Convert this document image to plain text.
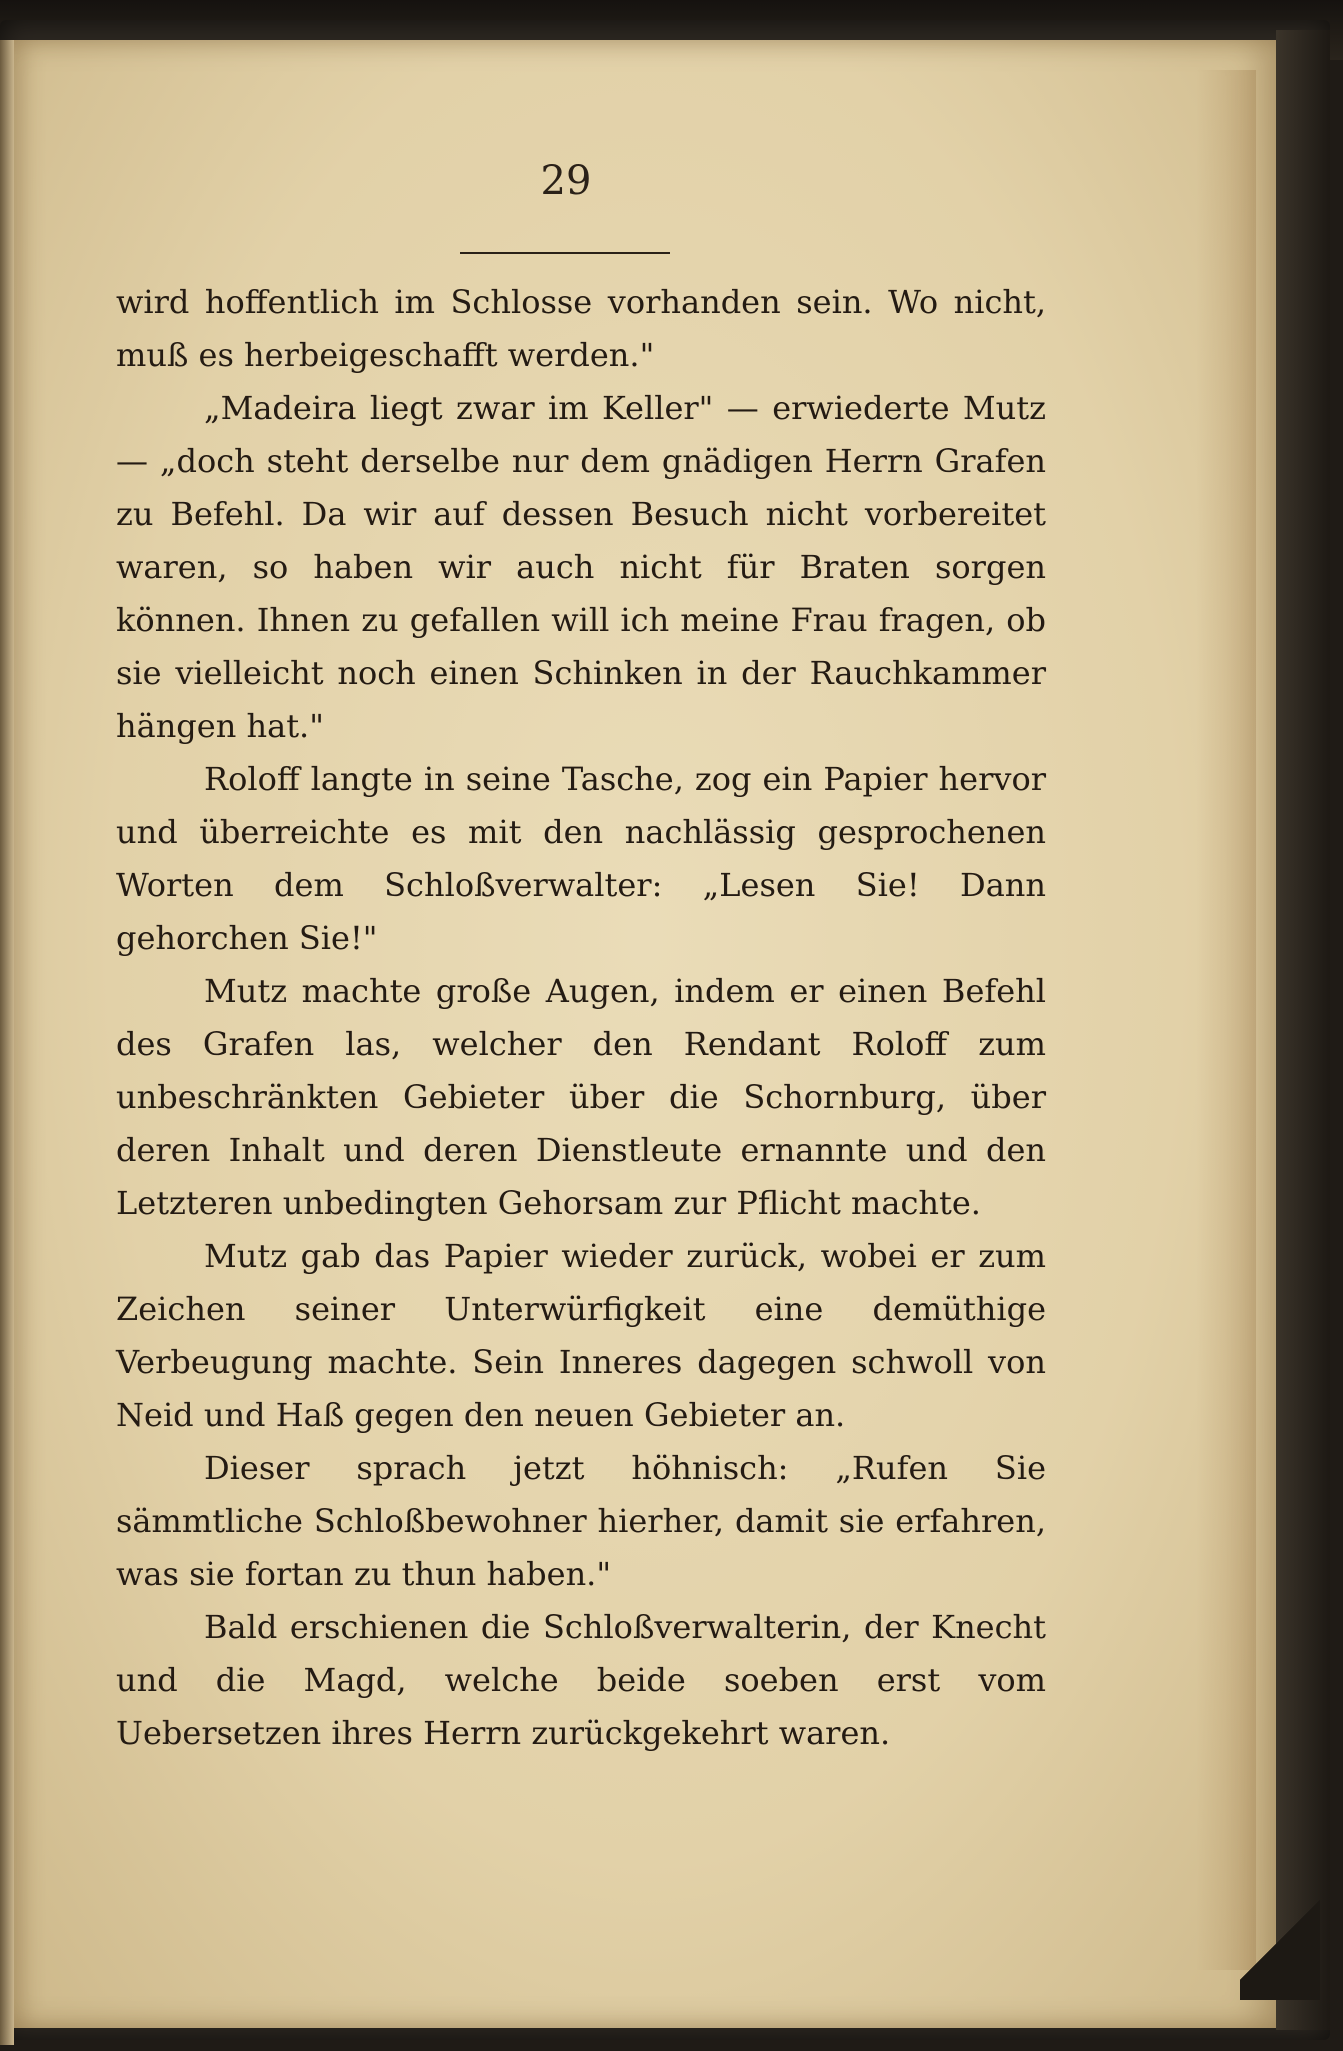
29

wird hoffentlich im Schlosse vorhanden sein. Wo nicht, muß es herbeigeschafft werden."

„Madeira liegt zwar im Keller" — erwiederte Mutz — „doch steht derselbe nur dem gnädigen Herrn Grafen zu Befehl. Da wir auf dessen Besuch nicht vorbereitet waren, so haben wir auch nicht für Braten sorgen können. Ihnen zu gefallen will ich meine Frau fragen, ob sie vielleicht noch einen Schinken in der Rauchkammer hängen hat."

Roloff langte in seine Tasche, zog ein Papier hervor und überreichte es mit den nachlässig gesprochenen Worten dem Schloßverwalter: „Lesen Sie! Dann gehorchen Sie!"

Mutz machte große Augen, indem er einen Befehl des Grafen las, welcher den Rendant Roloff zum unbeschränkten Gebieter über die Schornburg, über deren Inhalt und deren Dienstleute ernannte und den Letzteren unbedingten Gehorsam zur Pflicht machte.

Mutz gab das Papier wieder zurück, wobei er zum Zeichen seiner Unterwürfigkeit eine demüthige Verbeugung machte. Sein Inneres dagegen schwoll von Neid und Haß gegen den neuen Gebieter an.

Dieser sprach jetzt höhnisch: „Rufen Sie sämmtliche Schloßbewohner hierher, damit sie erfahren, was sie fortan zu thun haben."

Bald erschienen die Schloßverwalterin, der Knecht und die Magd, welche beide soeben erst vom Uebersetzen ihres Herrn zurückgekehrt waren.
